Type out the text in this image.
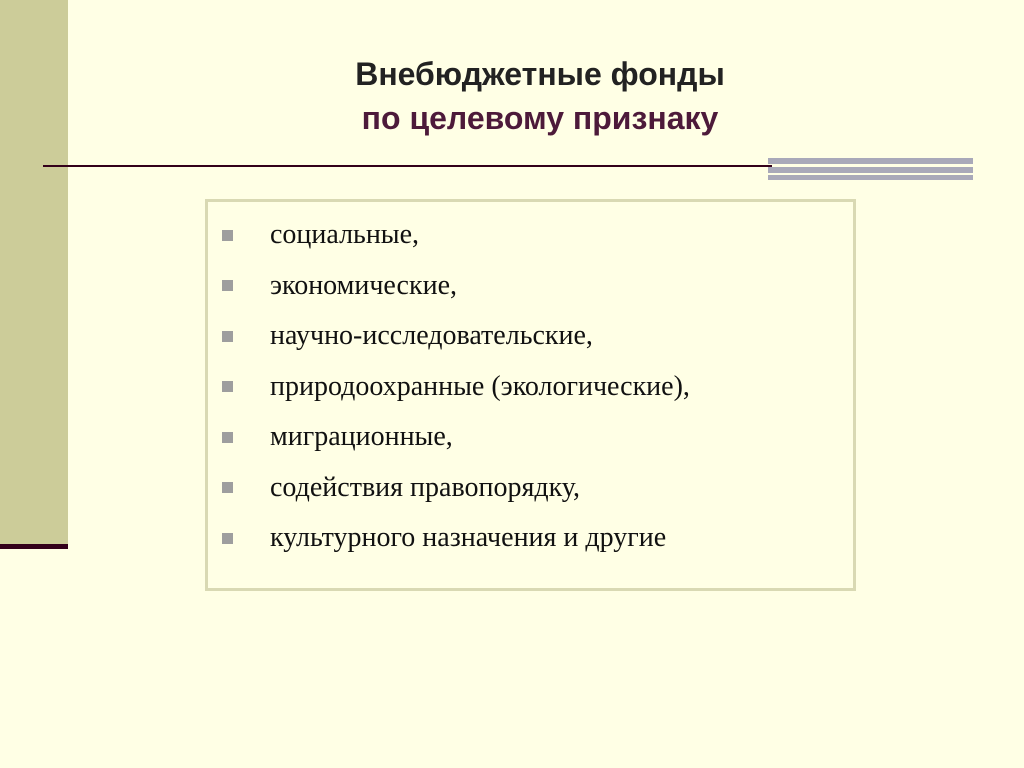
Внебюджетные фонды
по целевому признаку
социальные,
экономические,
научно-исследовательские,
природоохранные (экологические),
миграционные,
содействия правопорядку,
культурного назначения и другие
